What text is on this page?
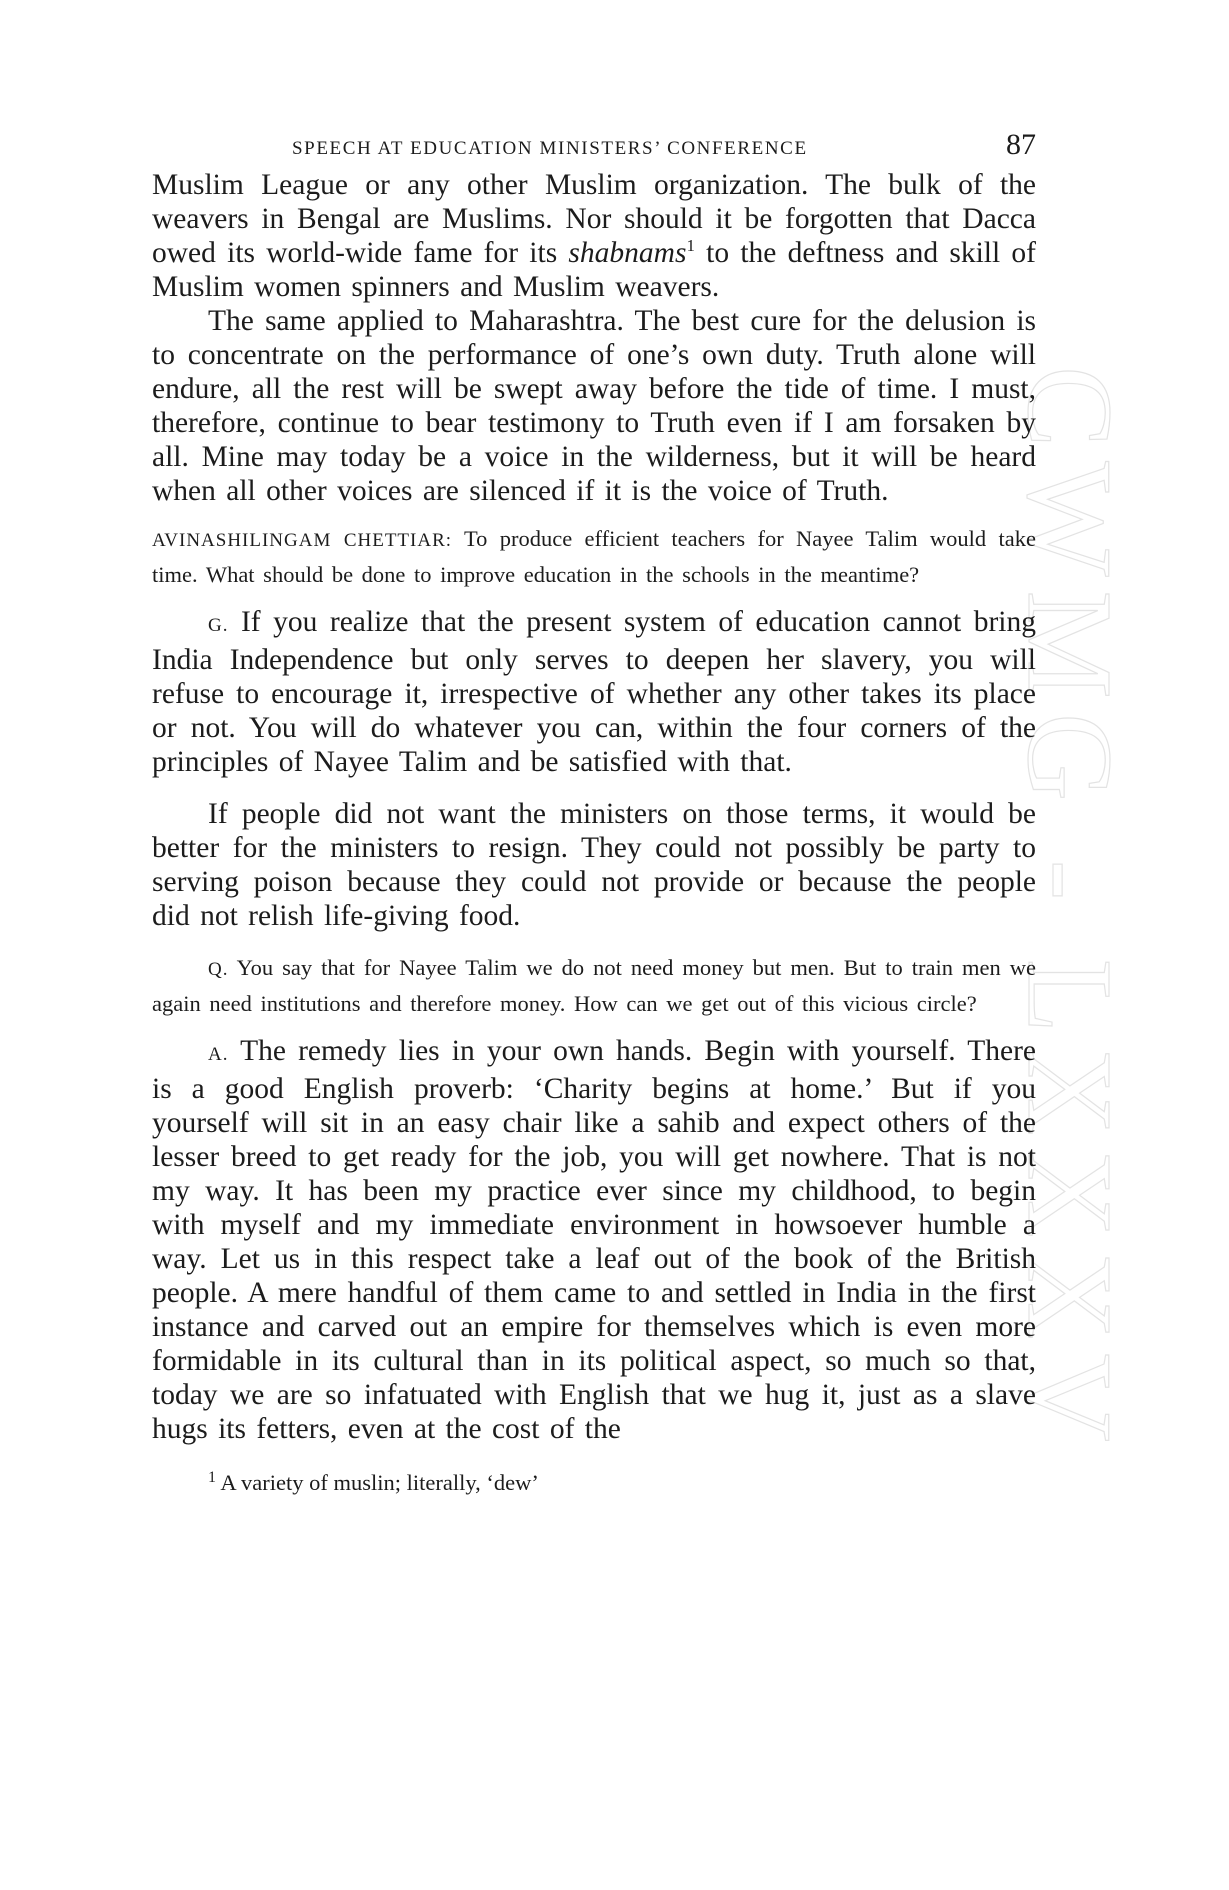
CWMG - LXXXV
SPEECH AT EDUCATION MINISTERS’ CONFERENCE	87

Muslim League or any other Muslim organization. The bulk of the weavers in Bengal are Muslims. Nor should it be forgotten that Dacca owed its world-wide fame for its shabnams$^1$ to the deftness and skill of Muslim women spinners and Muslim weavers.

The same applied to Maharashtra. The best cure for the delusion is to concentrate on the performance of one’s own duty. Truth alone will endure, all the rest will be swept away before the tide of time. I must, therefore, continue to bear testimony to Truth even if I am forsaken by all. Mine may today be a voice in the wilderness, but it will be heard when all other voices are silenced if it is the voice of Truth.

AVINASHILINGAM CHETTIAR: To produce efficient teachers for Nayee Talim would take time. What should be done to improve education in the schools in the meantime?

G. If you realize that the present system of education cannot bring India Independence but only serves to deepen her slavery, you will refuse to encourage it, irrespective of whether any other takes its place or not. You will do whatever you can, within the four corners of the principles of Nayee Talim and be satisfied with that.

If people did not want the ministers on those terms, it would be better for the ministers to resign. They could not possibly be party to serving poison because they could not provide or because the people did not relish life-giving food.

Q. You say that for Nayee Talim we do not need money but men. But to train men we again need institutions and therefore money. How can we get out of this vicious circle?

A. The remedy lies in your own hands. Begin with yourself. There is a good English proverb: ‘Charity begins at home.’ But if you yourself will sit in an easy chair like a sahib and expect others of the lesser breed to get ready for the job, you will get nowhere. That is not my way. It has been my practice ever since my childhood, to begin with myself and my immediate environment in howsoever humble a way. Let us in this respect take a leaf out of the book of the British people. A mere handful of them came to and settled in India in the first instance and carved out an empire for themselves which is even more formidable in its cultural than in its political aspect, so much so that, today we are so infatuated with English that we hug it, just as a slave hugs its fetters, even at the cost of the

$^1$ A variety of muslin; literally, ‘dew’
